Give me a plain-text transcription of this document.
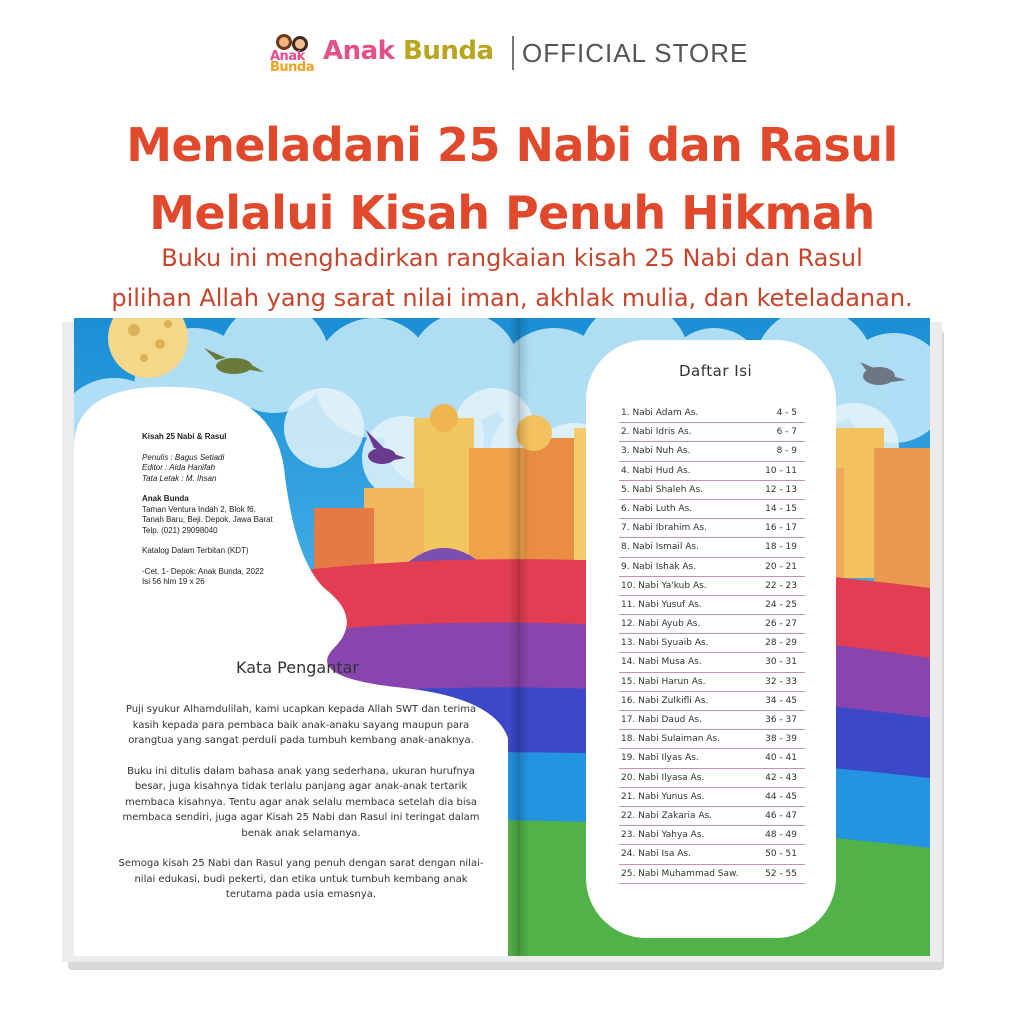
Anak
Bunda
Anak Bunda OFFICIAL STORE
Meneladani 25 Nabi dan Rasul
Melalui Kisah Penuh Hikmah
Buku ini menghadirkan rangkaian kisah 25 Nabi dan Rasul
pilihan Allah yang sarat nilai iman, akhlak mulia, dan keteladanan.
Kisah 25 Nabi & Rasul
Penulis : Bagus Setiadi
Editor : Aida Hanifah
Tata Letak : M. Ihsan
Anak Bunda
Taman Ventura Indah 2, Blok f6.
Tanah Baru, Beji. Depok. Jawa Barat
Telp. (021) 29098040
Katalog Dalam Terbitan (KDT)
-Cet. 1- Depok: Anak Bunda, 2022
Isi 56 hlm 19 x 26
Kata Pengantar

Puji syukur Alhamdulilah, kami ucapkan kepada Allah SWT dan terima kasih kepada para pembaca baik anak-anaku sayang maupun para orangtua yang sangat perduli pada tumbuh kembang anak-anaknya.

Buku ini ditulis dalam bahasa anak yang sederhana, ukuran hurufnya besar, juga kisahnya tidak terlalu panjang agar anak-anak tertarik membaca kisahnya. Tentu agar anak selalu membaca setelah dia bisa membaca sendiri, juga agar Kisah 25 Nabi dan Rasul ini teringat dalam benak anak selamanya.

Semoga kisah 25 Nabi dan Rasul yang penuh dengan sarat dengan nilai-nilai edukasi, budi pekerti, dan etika untuk tumbuh kembang anak terutama pada usia emasnya.

Daftar Isi
1. Nabi Adam As.	4 - 5
2. Nabi Idris As.	6 - 7
3. Nabi Nuh As.	8 - 9
4. Nabi Hud As.	10 - 11
5. Nabi Shaleh As.	12 - 13
6. Nabi Luth As.	14 - 15
7. Nabi Ibrahim As.	16 - 17
8. Nabi Ismail As.	18 - 19
9. Nabi Ishak As.	20 - 21
10. Nabi Ya'kub As.	22 - 23
11. Nabi Yusuf As.	24 - 25
12. Nabi Ayub As.	26 - 27
13. Nabi Syuaib As.	28 - 29
14. Nabi Musa As.	30 - 31
15. Nabi Harun As.	32 - 33
16. Nabi Zulkifli As.	34 - 45
17. Nabi Daud As.	36 - 37
18. Nabi Sulaiman As.	38 - 39
19. Nabi Ilyas As.	40 - 41
20. Nabi Ilyasa As.	42 - 43
21. Nabi Yunus As.	44 - 45
22. Nabi Zakaria As.	46 - 47
23. Nabi Yahya As.	48 - 49
24. Nabi Isa As.	50 - 51
25. Nabi Muhammad Saw.	52 - 55
